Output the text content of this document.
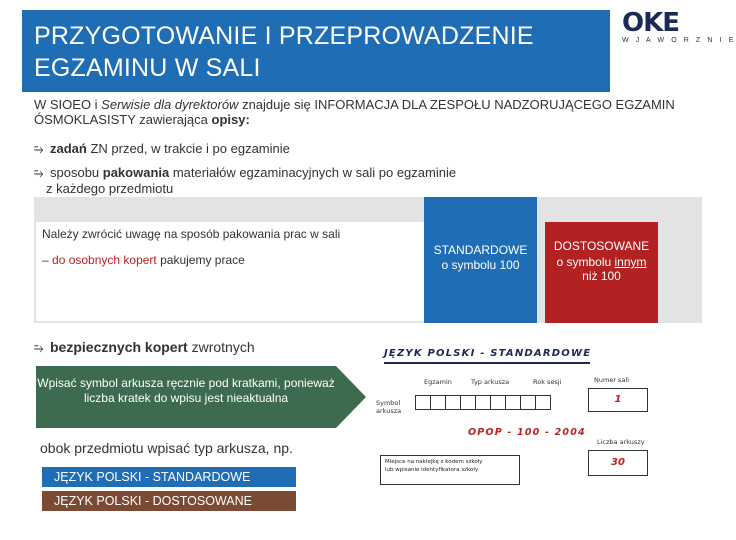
PRZYGOTOWANIE I PRZEPROWADZENIE
EGZAMINU W SALI
OKE
W J A W O R Z N I E
W SIOEO i Serwisie dla dyrektorów znajduje się INFORMACJA DLA ZESPOŁU NADZORUJĄCEGO EGZAMIN ÓSMOKLASISTY zawierająca opisy:
⥲ zadań ZN przed, w trakcie i po egzaminie
⥲ sposobu pakowania materiałów egzaminacyjnych w sali po egzaminie
z każdego przedmiotu
Należy zwrócić uwagę na sposób pakowania prac w sali
– do osobnych kopert pakujemy prace
STANDARDOWE
o symbolu 100
DOSTOSOWANE
o symbolu innym
niż 100
⥲ bezpiecznych kopert zwrotnych
Wpisać symbol arkusza ręcznie pod kratkami, ponieważ liczba kratek do wpisu jest nieaktualna
obok przedmiotu wpisać typ arkusza, np.
JĘZYK POLSKI - STANDARDOWE
JĘZYK POLSKI - DOSTOSOWANE
JĘZYK POLSKI - STANDARDOWE
Egzamin	Typ arkusza	Rok sesji	Numer sali
Symbol
arkusza
1
OPOP - 100 - 2004
Liczba arkuszy
30
Miejsce na naklejkę z kodem szkoły
lub wpisanie identyfikatora szkoły
